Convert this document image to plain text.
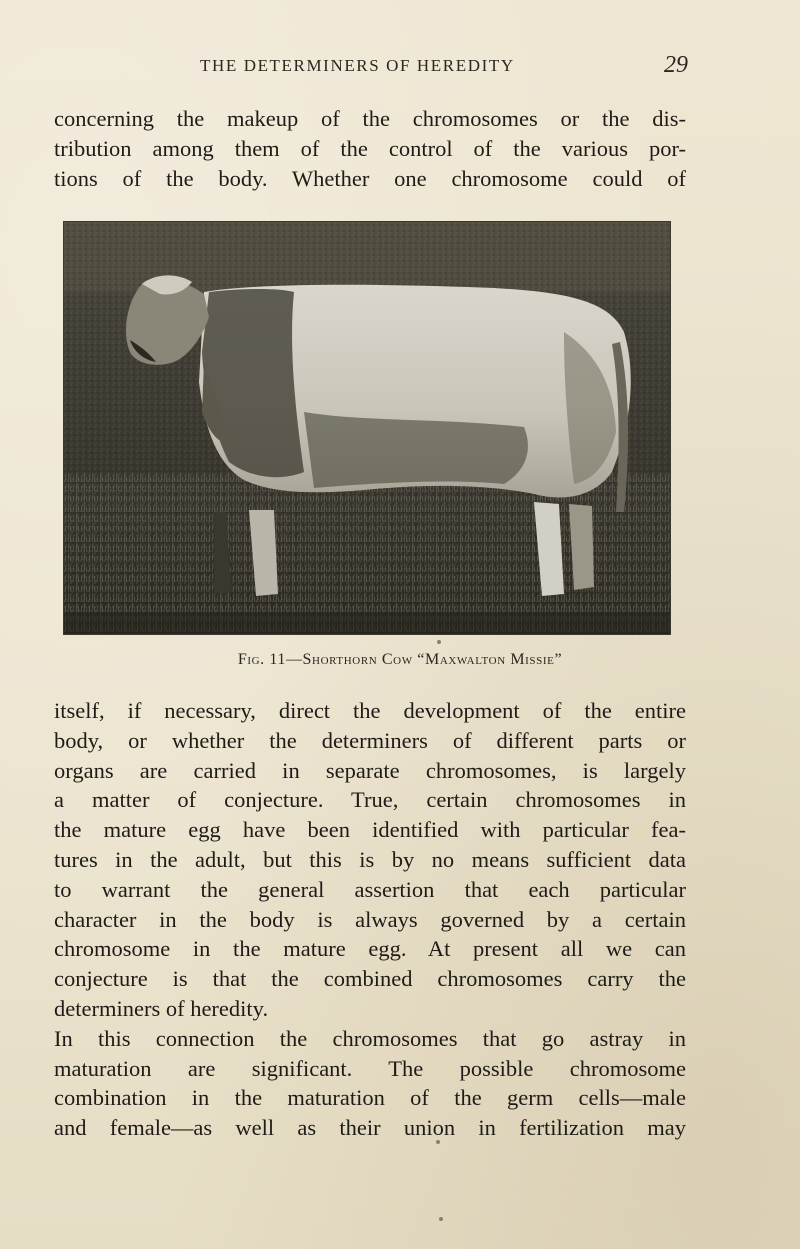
THE DETERMINERS OF HEREDITY	29
concerning the makeup of the chromosomes or the dis-
tribution among them of the control of the various por-
tions of the body. Whether one chromosome could of
Fig. 11—Shorthorn Cow “Maxwalton Missie”
itself, if necessary, direct the development of the entire
body, or whether the determiners of different parts or
organs are carried in separate chromosomes, is largely
a matter of conjecture. True, certain chromosomes in
the mature egg have been identified with particular fea-
tures in the adult, but this is by no means sufficient data
to warrant the general assertion that each particular
character in the body is always governed by a certain
chromosome in the mature egg. At present all we can
conjecture is that the combined chromosomes carry the
determiners of heredity.
In this connection the chromosomes that go astray in
maturation are significant. The possible chromosome
combination in the maturation of the germ cells—male
and female—as well as their union in fertilization may
